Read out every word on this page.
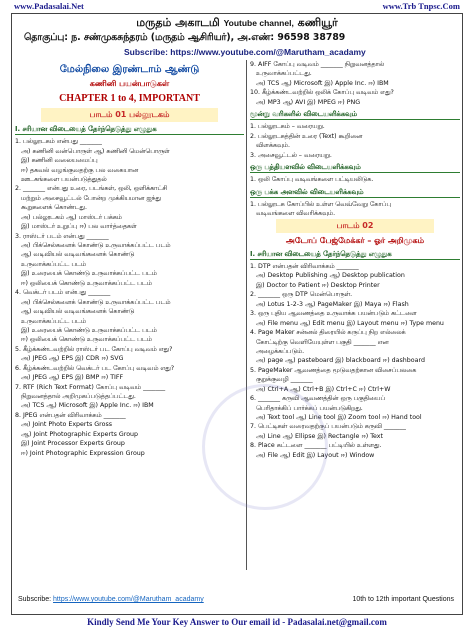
www.Padasalai.Net	www.Trb Tnpsc.Com
மருதம் அகாடமி Youtube channel, கணியூர்
தொகுப்பு: ந. சண்முகசுந்தரம் (மருதம் ஆசிரியர்), அ.எண்: 96598 38789
Subscribe: https://www.youtube.com/@Marutham_acadamy
மேல்நிலை இரண்டாம் ஆண்டு
கணினி பயன்பாடுகள்
CHAPTER 1 to 4, IMPORTANT
பாடம் 01 பல்லூடகம்
I. சரியான விடையைத் தேர்ந்தெடுத்து எழுதுக
1. பல்லூடகம் என்பது _______
அ) கணினி வன்பொருள் ஆ) கணினி மென்பொருள்
இ) கணினி வலையமைப்பு
ஈ) தகவல் வழங்குவதற்கு பல வகையான
ஊடகங்களை பயன்படுத்துதல்
2. _______ என்பது உரை, படங்கள், ஒலி, ஒளிக்காட்சி
மற்றும் அசைவூட்டல் போன்ற முக்கியமான ஐந்து
கூறுகளைக் கொண்டது.
அ) பல்லூடகம் ஆ) மாஸ்டர் பக்கம்
இ) மாஸ்டர் உறுப்பு ஈ) பல வார்த்தைகள்
3. ராஸ்டர் படம் என்பது _______
அ) பிக்செல்களைக் கொண்டு உருவாக்கப்பட்ட படம்
ஆ) வடிவியல் வடிவங்களைக் கொண்டு
உருவாக்கப்பட்ட படம்
இ) உரையைக் கொண்டு உருவாக்கப்பட்ட படம்
ஈ) ஒலியைக் கொண்டு உருவாக்கப்பட்ட படம்
4. வெக்டர் படம் என்பது _______
அ) பிக்செல்களைக் கொண்டு உருவாக்கப்பட்ட படம்
ஆ) வடிவியல் வடிவங்களைக் கொண்டு
உருவாக்கப்பட்ட படம்
இ) உரையைக் கொண்டு உருவாக்கப்பட்ட படம்
ஈ) ஒலியைக் கொண்டு உருவாக்கப்பட்ட படம்
5. கீழ்க்கண்டவற்றில் ராஸ்டர் பட கோப்பு வடிவம் எது?
அ) JPEG ஆ) EPS இ) CDR ஈ) SVG
6. கீழ்க்கண்டவற்றில் வெக்டர் பட கோப்பு வடிவம் எது?
அ) JPEG ஆ) EPS இ) BMP ஈ) TIFF
7. RTF (Rich Text Format) கோப்பு வடிவம் _______
நிறுவனத்தால் அறிமுகப்படுத்தப்பட்டது.
அ) TCS ஆ) Microsoft இ) Apple Inc. ஈ) IBM
8. JPEG என்பதன் விரிவாக்கம் _______
அ) Joint Photo Experts Gross
ஆ) Joint Photographic Experts Group
இ) Joint Processor Experts Group
ஈ) Joint Photographic Expression Group
9. AIFF கோப்பு வடிவம் _______ நிறுவனத்தால்
உருவாக்கப்பட்டது.
அ) TCS ஆ) Microsoft இ) Apple Inc. ஈ) IBM
10. கீழ்க்கண்டவற்றில் ஒலிக் கோப்பு வடிவம் எது?
அ) MP3 ஆ) AVI இ) MPEG ஈ) PNG
மூன்று வரிகளில் விடையளிக்கவும்
1. பல்லூடகம் – வரையறு.
2. பல்லூடகத்தின் உரை (Text) கூறினை
விளக்கவும்.
3. அசைவூட்டல் – வரையறு.
ஒரு பத்தியளவில் விடையளிக்கவும்
1. ஒலி கோப்பு வடிவங்களை பட்டியலிடுக.
ஒரு பக்க அளவில் விடையளிக்கவும்
1. பல்லூடக கோப்பில் உள்ள வெவ்வேறு கோப்பு
வடிவங்களை விவரிக்கவும்.
பாடம் 02
அடோப் பேஜ்மேக்கர் – ஓர் அறிமுகம்
I. சரியான விடையைத் தேர்ந்தெடுத்து எழுதுக
1. DTP என்பதன் விரிவாக்கம் _______
அ) Desktop Publishing ஆ) Desktop publication
இ) Doctor to Patient ஈ) Desktop Printer
2. _______ ஒரு DTP மென்பொருள்.
அ) Lotus 1-2-3 ஆ) PageMaker இ) Maya ஈ) Flash
3. ஒரு புதிய ஆவணத்தை உருவாக்க பயன்படும் கட்டளை
அ) File menu ஆ) Edit menu இ) Layout menu ஈ) Type menu
4. Page Maker சன்னல் திரையில் கருப்பு நிற எல்லைக்
கோட்டிற்கு வெளியேயுள்ள பகுதி _______ என
அழைக்கப்படும்.
அ) page ஆ) pasteboard இ) blackboard ஈ) dashboard
5. PageMaker ஆவணத்தை மூடுவதற்கான விசைப்பலகை
குறுக்குவழி _______
அ) Ctrl+A ஆ) Ctrl+B இ) Ctrl+C ஈ) Ctrl+W
6. _______ கருவி ஆவணத்தின் ஒரு பகுதியைப்
பெரிதாக்கிப் பார்க்கப் பயன்படுகிறது.
அ) Text tool ஆ) Line tool இ) Zoom tool ஈ) Hand tool
7. பெட்டிகள் வரைவதற்குப் பயன்படும் கருவி _______
அ) Line ஆ) Ellipse இ) Rectangle ஈ) Text
8. Place கட்டளை _______ பட்டியில் உள்ளது.
அ) File ஆ) Edit இ) Layout ஈ) Window
Subscribe: https://www.youtube.com/@Marutham_acadamy	10th to 12th important Questions
Kindly Send Me Your Key Answer to Our email id - Padasalai.net@gmail.com
